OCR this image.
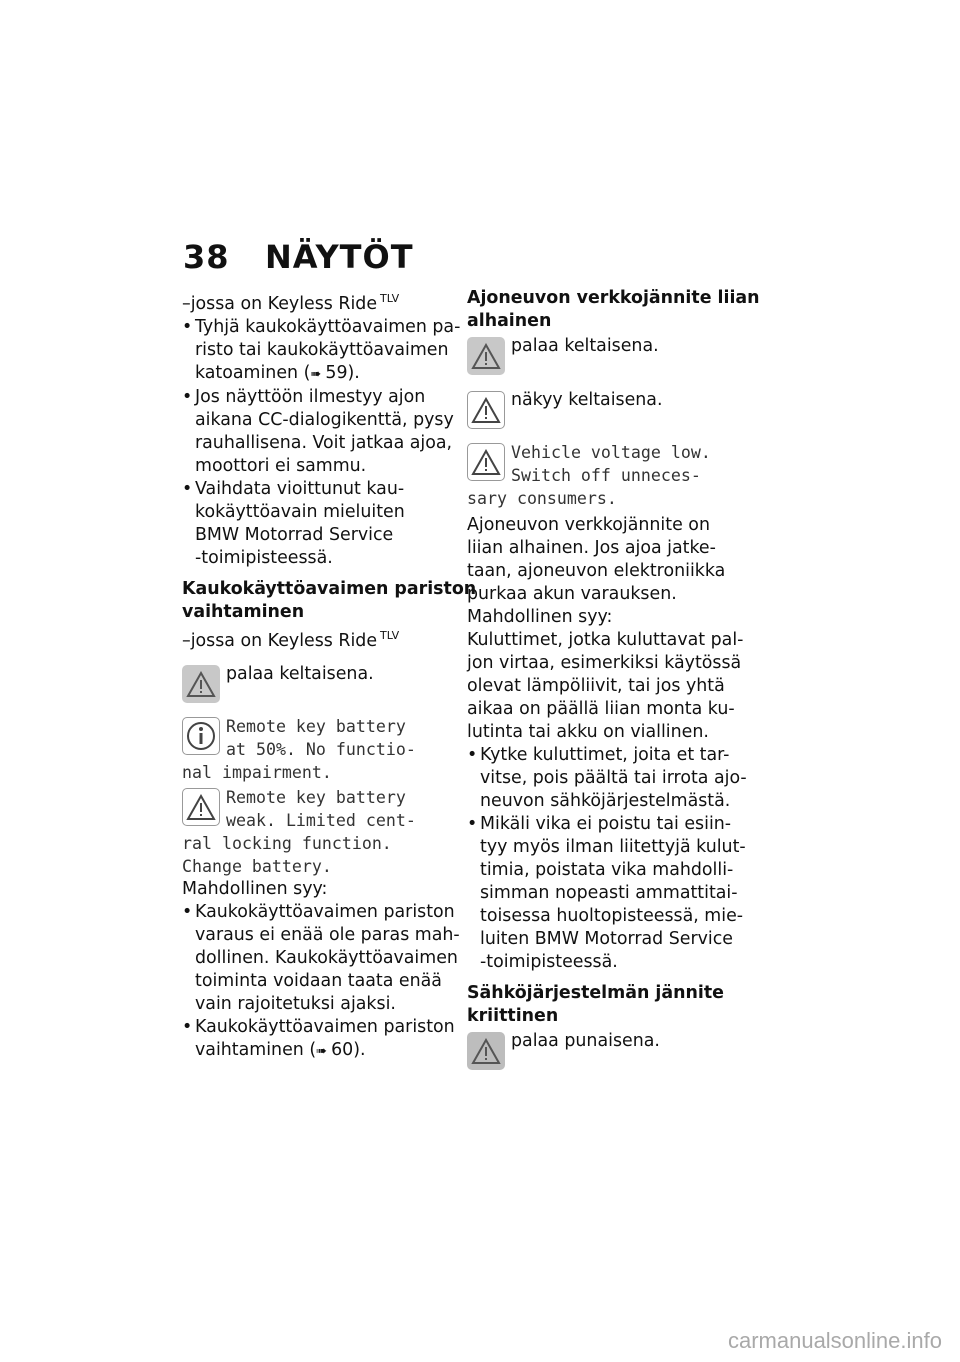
38 NÄYTÖT
–jossa on Keyless Ride $^{TLV}$
• Tyhjä kaukokäyttöavaimen pa-
risto tai kaukokäyttöavaimen
katoaminen (➠ 59).
• Jos näyttöön ilmestyy ajon
aikana CC-dialogikenttä, pysy
rauhallisena. Voit jatkaa ajoa,
moottori ei sammu.
• Vaihdata vioittunut kau-
kokäyttöavain mieluiten
BMW Motorrad Service
-toimipisteessä.
Kaukokäyttöavaimen pariston
vaihtaminen
–jossa on Keyless Ride $^{TLV}$
palaa keltaisena.
Remote key battery
at 50%. No functio-
nal impairment.
Remote key battery
weak. Limited cent-
ral locking function.
Change battery.
Mahdollinen syy:
• Kaukokäyttöavaimen pariston
varaus ei enää ole paras mah-
dollinen. Kaukokäyttöavaimen
toiminta voidaan taata enää
vain rajoitetuksi ajaksi.
• Kaukokäyttöavaimen pariston
vaihtaminen (➠ 60).
Ajoneuvon verkkojännite liian
alhainen
palaa keltaisena.
näkyy keltaisena.
Vehicle voltage low.
Switch off unneces-
sary consumers.
Ajoneuvon verkkojännite on
liian alhainen. Jos ajoa jatke-
taan, ajoneuvon elektroniikka
purkaa akun varauksen.
Mahdollinen syy:
Kuluttimet, jotka kuluttavat pal-
jon virtaa, esimerkiksi käytössä
olevat lämpöliivit, tai jos yhtä
aikaa on päällä liian monta ku-
lutinta tai akku on viallinen.
• Kytke kuluttimet, joita et tar-
vitse, pois päältä tai irrota ajo-
neuvon sähköjärjestelmästä.
• Mikäli vika ei poistu tai esiin-
tyy myös ilman liitettyjä kulut-
timia, poistata vika mahdolli-
simman nopeasti ammattitai-
toisessa huoltopisteessä, mie-
luiten BMW Motorrad Service
-toimipisteessä.
Sähköjärjestelmän jännite
kriittinen
palaa punaisena.
carmanualsonline.info
